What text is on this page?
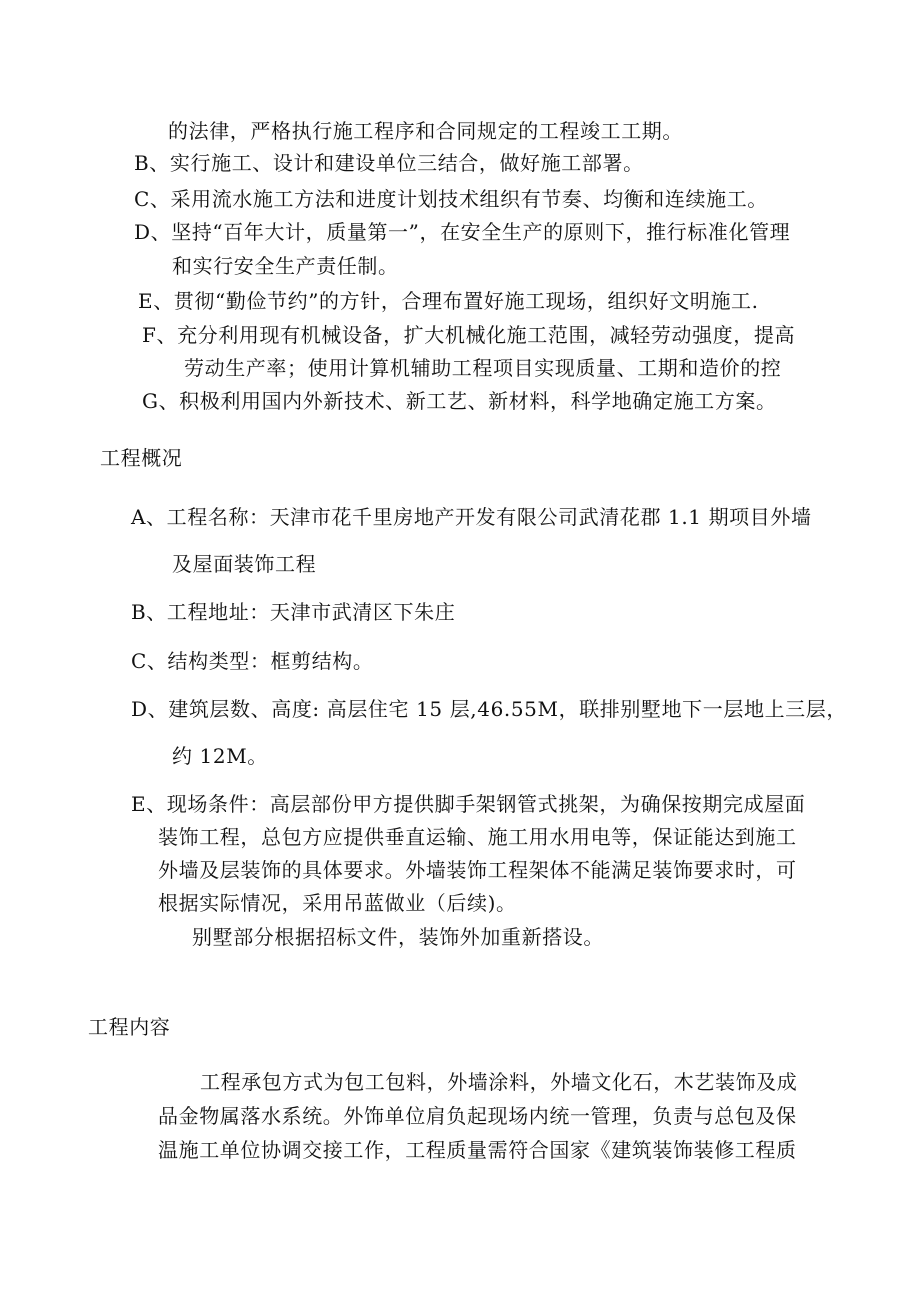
的法律，严格执行施工程序和合同规定的工程竣工工期。
B、实行施工、设计和建设单位三结合，做好施工部署。
C、采用流水施工方法和进度计划技术组织有节奏、均衡和连续施工。
D、坚持“百年大计，质量第一”，在安全生产的原则下，推行标准化管理
和实行安全生产责任制。
E、贯彻“勤俭节约”的方针，合理布置好施工现场，组织好文明施工.
F、充分利用现有机械设备，扩大机械化施工范围，减轻劳动强度，提高
劳动生产率；使用计算机辅助工程项目实现质量、工期和造价的控
G、积极利用国内外新技术、新工艺、新材料，科学地确定施工方案。
工程概况
A、工程名称：天津市花千里房地产开发有限公司武清花郡 1.1 期项目外墙
及屋面装饰工程
B、工程地址：天津市武清区下朱庄
C、结构类型：框剪结构。
D、建筑层数、高度: 高层住宅 15 层,46.55M，联排别墅地下一层地上三层，
约 12M。
E、现场条件：高层部份甲方提供脚手架钢管式挑架，为确保按期完成屋面
装饰工程，总包方应提供垂直运输、施工用水用电等，保证能达到施工
外墙及层装饰的具体要求。外墙装饰工程架体不能满足装饰要求时，可
根据实际情况，采用吊蓝做业（后续)。
别墅部分根据招标文件，装饰外加重新搭设。
工程内容
工程承包方式为包工包料，外墙涂料，外墙文化石，木艺装饰及成
品金物属落水系统。外饰单位肩负起现场内统一管理，负责与总包及保
温施工单位协调交接工作，工程质量需符合国家《建筑装饰装修工程质
